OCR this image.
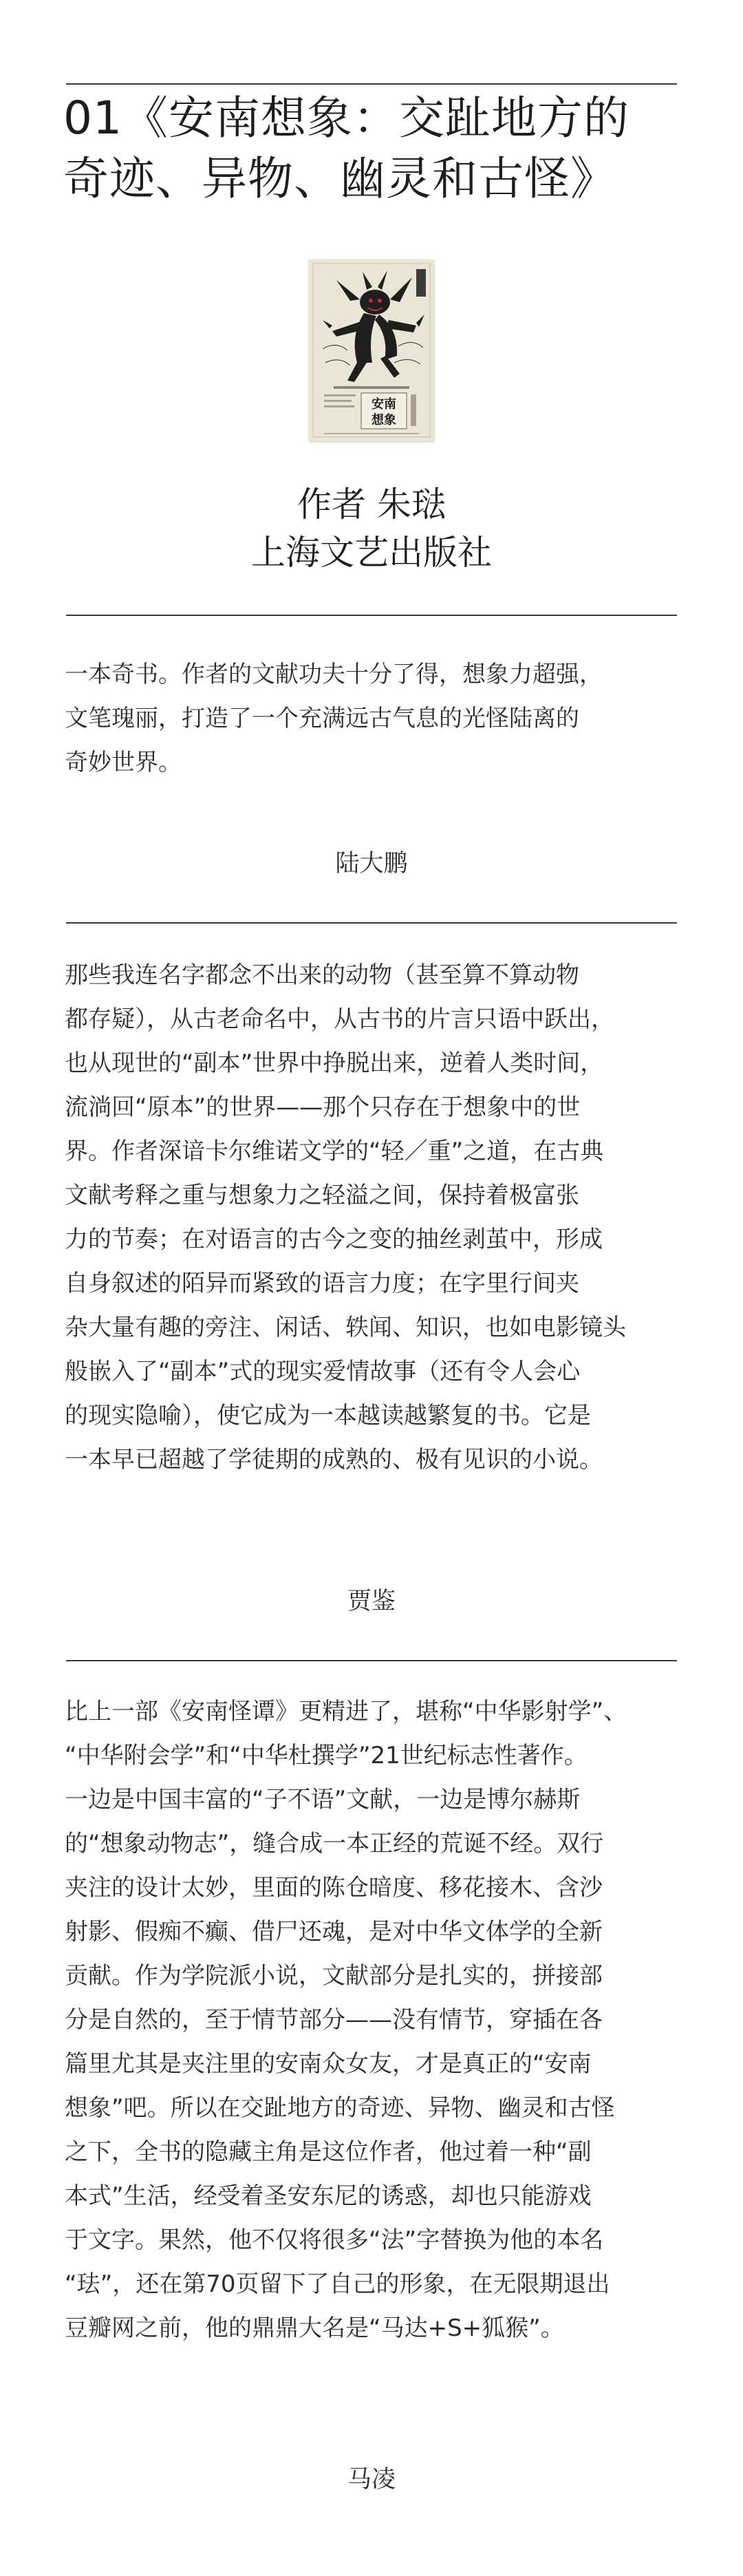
01《安南想象：交趾地方的
奇迹、异物、幽灵和古怪》
安南
想象
作者 朱琺
上海文艺出版社
一本奇书。作者的文献功夫十分了得，想象力超强，
文笔瑰丽，打造了一个充满远古气息的光怪陆离的
奇妙世界。
陆大鹏
那些我连名字都念不出来的动物（甚至算不算动物
都存疑），从古老命名中，从古书的片言只语中跃出，
也从现世的“副本”世界中挣脱出来，逆着人类时间，
流淌回“原本”的世界——那个只存在于想象中的世
界。作者深谙卡尔维诺文学的“轻／重”之道，在古典
文献考释之重与想象力之轻溢之间，保持着极富张
力的节奏；在对语言的古今之变的抽丝剥茧中，形成
自身叙述的陌异而紧致的语言力度；在字里行间夹
杂大量有趣的旁注、闲话、轶闻、知识，也如电影镜头
般嵌入了“副本”式的现实爱情故事（还有令人会心
的现实隐喻），使它成为一本越读越繁复的书。它是
一本早已超越了学徒期的成熟的、极有见识的小说。
贾鉴
比上一部《安南怪谭》更精进了，堪称“中华影射学”、
“中华附会学”和“中华杜撰学”21世纪标志性著作。
一边是中国丰富的“子不语”文献，一边是博尔赫斯
的“想象动物志”，缝合成一本正经的荒诞不经。双行
夹注的设计太妙，里面的陈仓暗度、移花接木、含沙
射影、假痴不癫、借尸还魂，是对中华文体学的全新
贡献。作为学院派小说，文献部分是扎实的，拼接部
分是自然的，至于情节部分——没有情节，穿插在各
篇里尤其是夹注里的安南众女友，才是真正的“安南
想象”吧。所以在交趾地方的奇迹、异物、幽灵和古怪
之下，全书的隐藏主角是这位作者，他过着一种“副
本式”生活，经受着圣安东尼的诱惑，却也只能游戏
于文字。果然，他不仅将很多“法”字替换为他的本名
“珐”，还在第70页留下了自己的形象，在无限期退出
豆瓣网之前，他的鼎鼎大名是“马达+S+狐猴”。
马凌
